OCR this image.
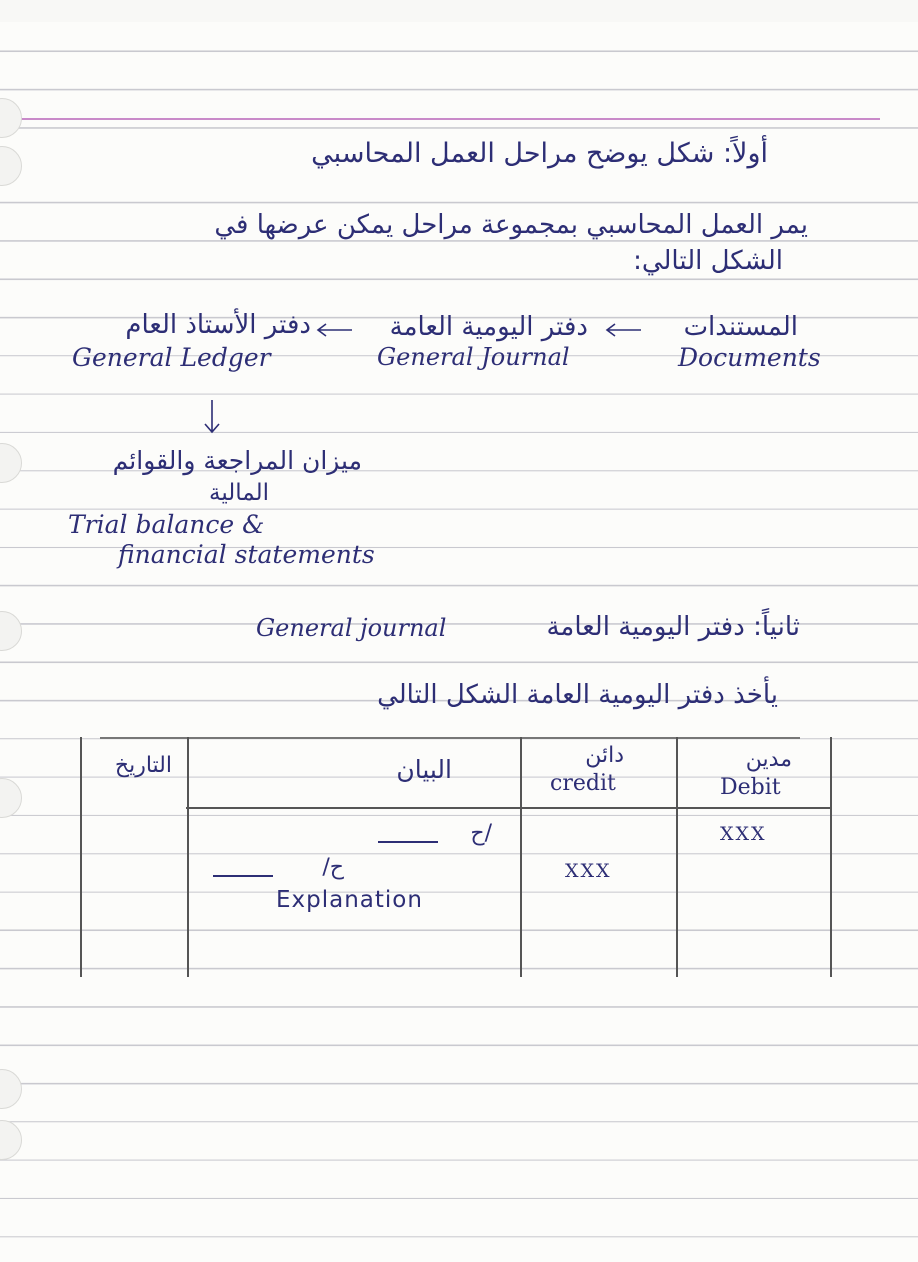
أولاً: شكل يوضح مراحل العمل المحاسبي
يمر العمل المحاسبي بمجموعة مراحل يمكن عرضها في
الشكل التالي:
المستندات
دفتر اليومية العامة
دفتر الأستاذ العام
Documents
General Journal
General Ledger
ميزان المراجعة والقوائم
المالية
Trial balance &
financial statements
ثانياً: دفتر اليومية العامة
General journal
يأخذ دفتر اليومية العامة الشكل التالي
مدين
Debit
دائن
credit
البيان
التاريخ
XXX
XXX
/ح
ح/
Explanation
